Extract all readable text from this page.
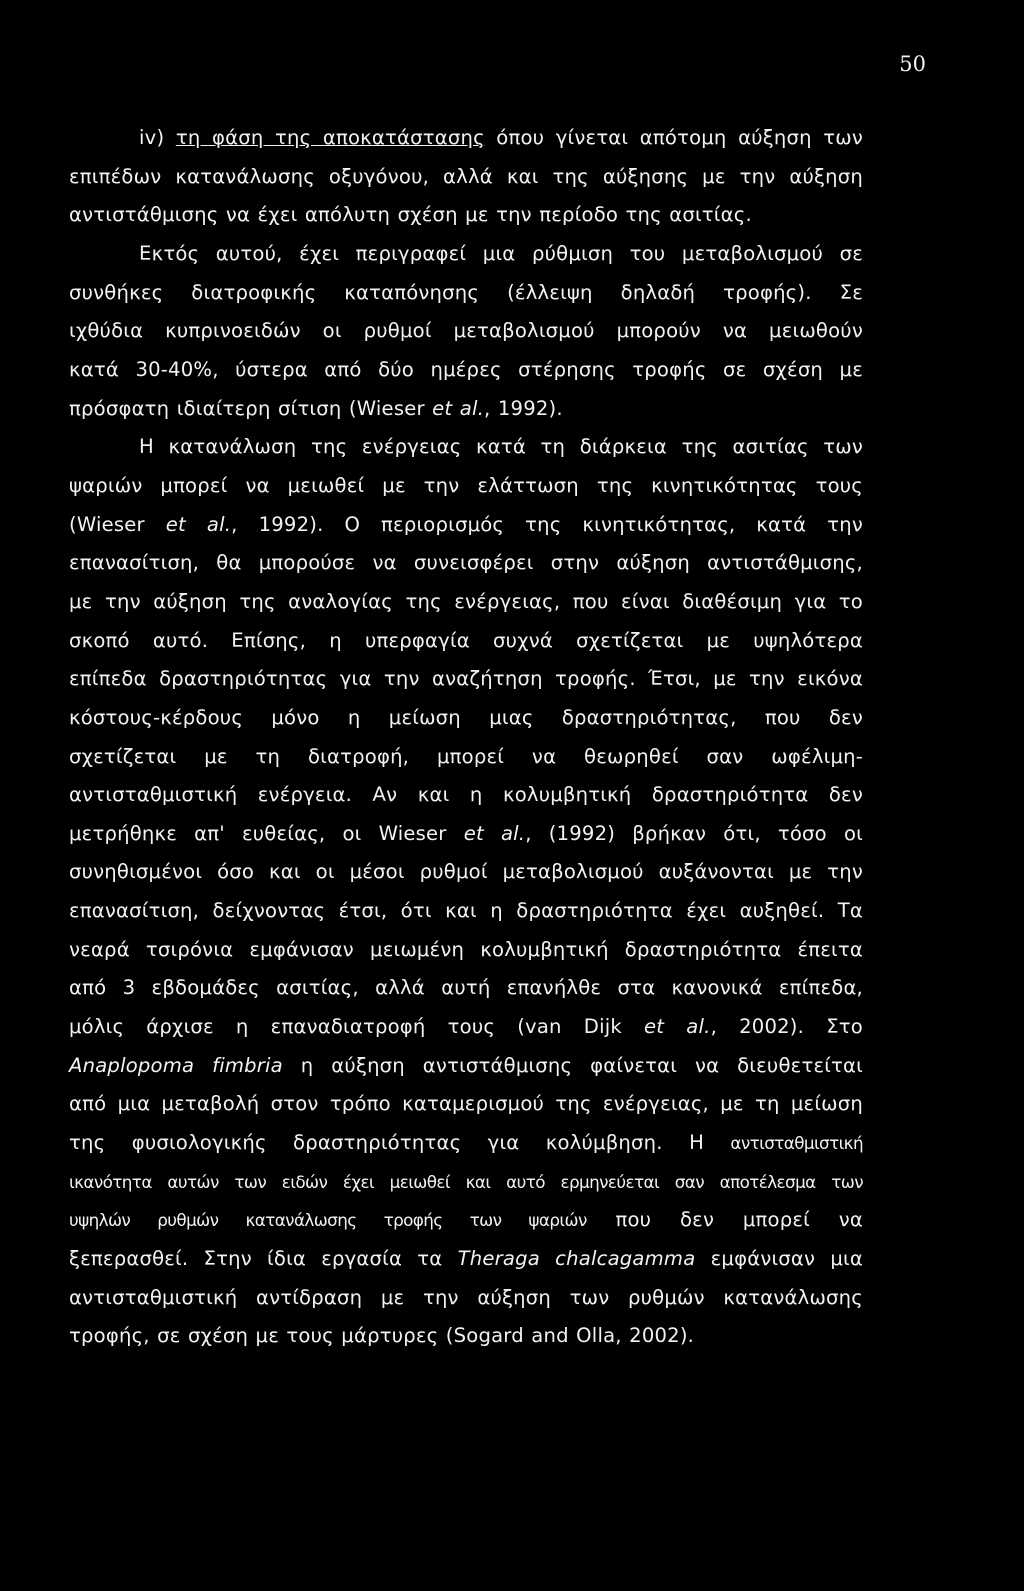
50
iv) τη φάση της αποκατάστασης όπου γίνεται απότομη αύξηση των
επιπέδων κατανάλωσης οξυγόνου, αλλά και της αύξησης με την αύξηση
αντιστάθμισης να έχει απόλυτη σχέση με την περίοδο της ασιτίας.
Εκτός αυτού, έχει περιγραφεί μια ρύθμιση του μεταβολισμού σε
συνθήκες διατροφικής καταπόνησης (έλλειψη δηλαδή τροφής). Σε
ιχθύδια κυπρινοειδών οι ρυθμοί μεταβολισμού μπορούν να μειωθούν
κατά 30-40%, ύστερα από δύο ημέρες στέρησης τροφής σε σχέση με
πρόσφατη ιδιαίτερη σίτιση (Wieser et al., 1992).
Η κατανάλωση της ενέργειας κατά τη διάρκεια της ασιτίας των
ψαριών μπορεί να μειωθεί με την ελάττωση της κινητικότητας τους
(Wieser et al., 1992). Ο περιορισμός της κινητικότητας, κατά την
επανασίτιση, θα μπορούσε να συνεισφέρει στην αύξηση αντιστάθμισης,
με την αύξηση της αναλογίας της ενέργειας, που είναι διαθέσιμη για το
σκοπό αυτό. Επίσης, η υπερφαγία συχνά σχετίζεται με υψηλότερα
επίπεδα δραστηριότητας για την αναζήτηση τροφής. Έτσι, με την εικόνα
κόστους-κέρδους μόνο η μείωση μιας δραστηριότητας, που δεν
σχετίζεται με τη διατροφή, μπορεί να θεωρηθεί σαν ωφέλιμη-
αντισταθμιστική ενέργεια. Αν και η κολυμβητική δραστηριότητα δεν
μετρήθηκε απ' ευθείας, οι Wieser et al., (1992) βρήκαν ότι, τόσο οι
συνηθισμένοι όσο και οι μέσοι ρυθμοί μεταβολισμού αυξάνονται με την
επανασίτιση, δείχνοντας έτσι, ότι και η δραστηριότητα έχει αυξηθεί. Τα
νεαρά τσιρόνια εμφάνισαν μειωμένη κολυμβητική δραστηριότητα έπειτα
από 3 εβδομάδες ασιτίας, αλλά αυτή επανήλθε στα κανονικά επίπεδα,
μόλις άρχισε η επαναδιατροφή τους (van Dijk et al., 2002). Στο
Anaplopoma fimbria η αύξηση αντιστάθμισης φαίνεται να διευθετείται
από μια μεταβολή στον τρόπο καταμερισμού της ενέργειας, με τη μείωση
της φυσιολογικής δραστηριότητας για κολύμβηση. Η αντισταθμιστική
ικανότητα αυτών των ειδών έχει μειωθεί και αυτό ερμηνεύεται σαν αποτέλεσμα των
υψηλών ρυθμών κατανάλωσης τροφής των ψαριών που δεν μπορεί να
ξεπερασθεί. Στην ίδια εργασία τα Theraga chalcagamma εμφάνισαν μια
αντισταθμιστική αντίδραση με την αύξηση των ρυθμών κατανάλωσης
τροφής, σε σχέση με τους μάρτυρες (Sogard and Olla, 2002).
